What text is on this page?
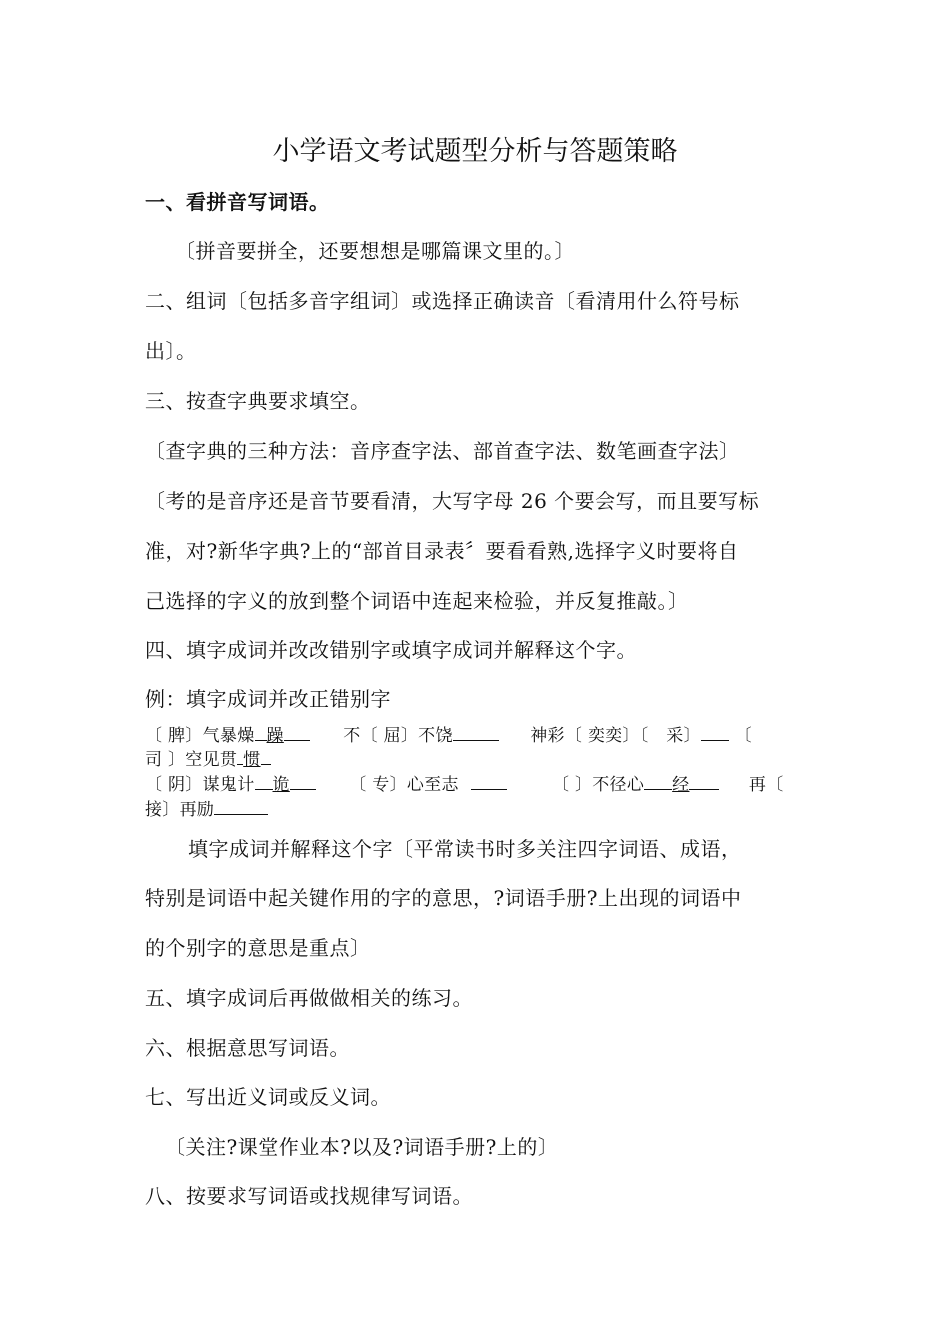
小学语文考试题型分析与答题策略
一、看拼音写词语。
〔拼音要拼全，还要想想是哪篇课文里的。〕
二、组词〔包括多音字组词〕或选择正确读音〔看清用什么符号标
出〕。
三、按查字典要求填空。
〔查字典的三种方法：音序查字法、部首查字法、数笔画查字法〕
〔考的是音序还是音节要看清，大写字母 26 个要会写，而且要写标
准，对?新华字典?上的“部首目录表〞要看看熟,选择字义时要将自
己选择的字义的放到整个词语中连起来检验，并反复推敲。〕
四、填字成词并改改错别字或填字成词并解释这个字。
例：填字成词并改正错别字
〔 脾〕气暴燥 躁	不〔 屈〕不饶	神彩〔 奕奕〕〔 采〕 〔
司 〕空见贯 惯
〔 阴〕谋鬼计 诡	〔 专〕心至志	〔 〕不径心 经	再〔
接〕再励
填字成词并解释这个字〔平常读书时多关注四字词语、成语，
特别是词语中起关键作用的字的意思，?词语手册?上出现的词语中
的个别字的意思是重点〕
五、填字成词后再做做相关的练习。
六、根据意思写词语。
七、写出近义词或反义词。
〔关注?课堂作业本?以及?词语手册?上的〕
八、按要求写词语或找规律写词语。
